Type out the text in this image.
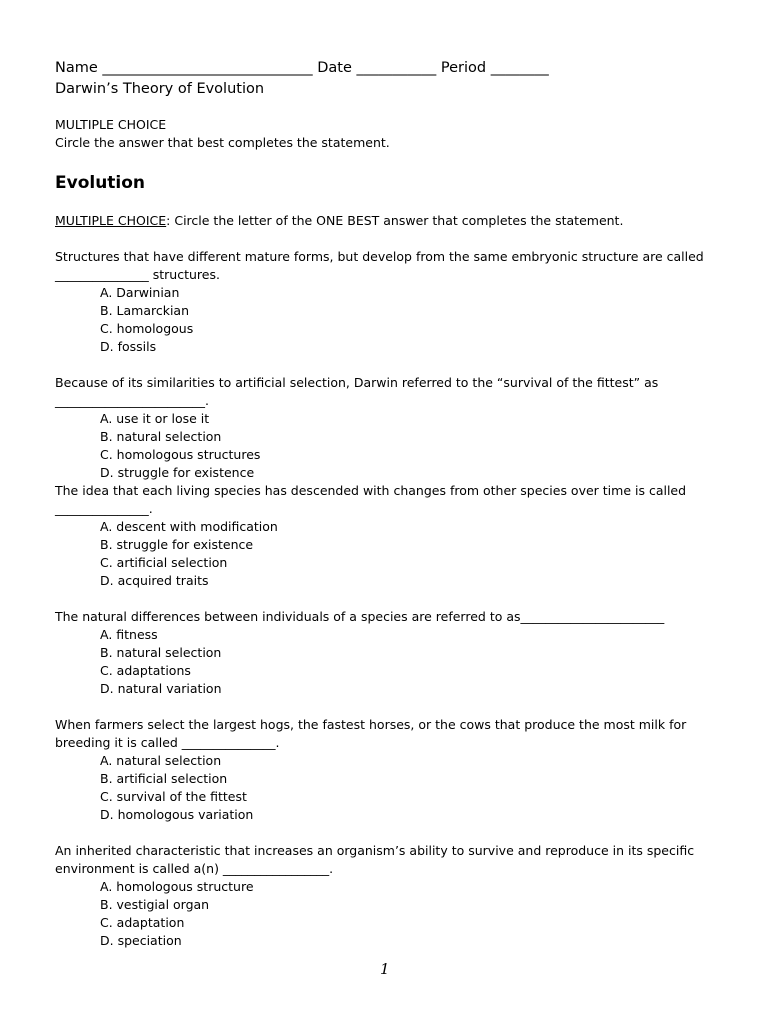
Name _____________________________ Date ___________ Period ________
Darwin’s Theory of Evolution
MULTIPLE CHOICE
Circle the answer that best completes the statement.
Evolution
MULTIPLE CHOICE: Circle the letter of the ONE BEST answer that completes the statement.
Structures that have different mature forms, but develop from the same embryonic structure are called _______________ structures.
A. Darwinian
B. Lamarckian
C. homologous
D. fossils
Because of its similarities to artificial selection, Darwin referred to the “survival of the fittest” as ________________________.
A. use it or lose it
B. natural selection
C. homologous structures
D. struggle for existence
The idea that each living species has descended with changes from other species over time is called _______________.
A. descent with modification
B. struggle for existence
C. artificial selection
D. acquired traits
The natural differences between individuals of a species are referred to as_______________________
A. fitness
B. natural selection
C. adaptations
D. natural variation
When farmers select the largest hogs, the fastest horses, or the cows that produce the most milk for breeding it is called _______________.
A. natural selection
B. artificial selection
C. survival of the fittest
D. homologous variation
An inherited characteristic that increases an organism’s ability to survive and reproduce in its specific environment is called a(n) _________________.
A. homologous structure
B. vestigial organ
C. adaptation
D. speciation
1
